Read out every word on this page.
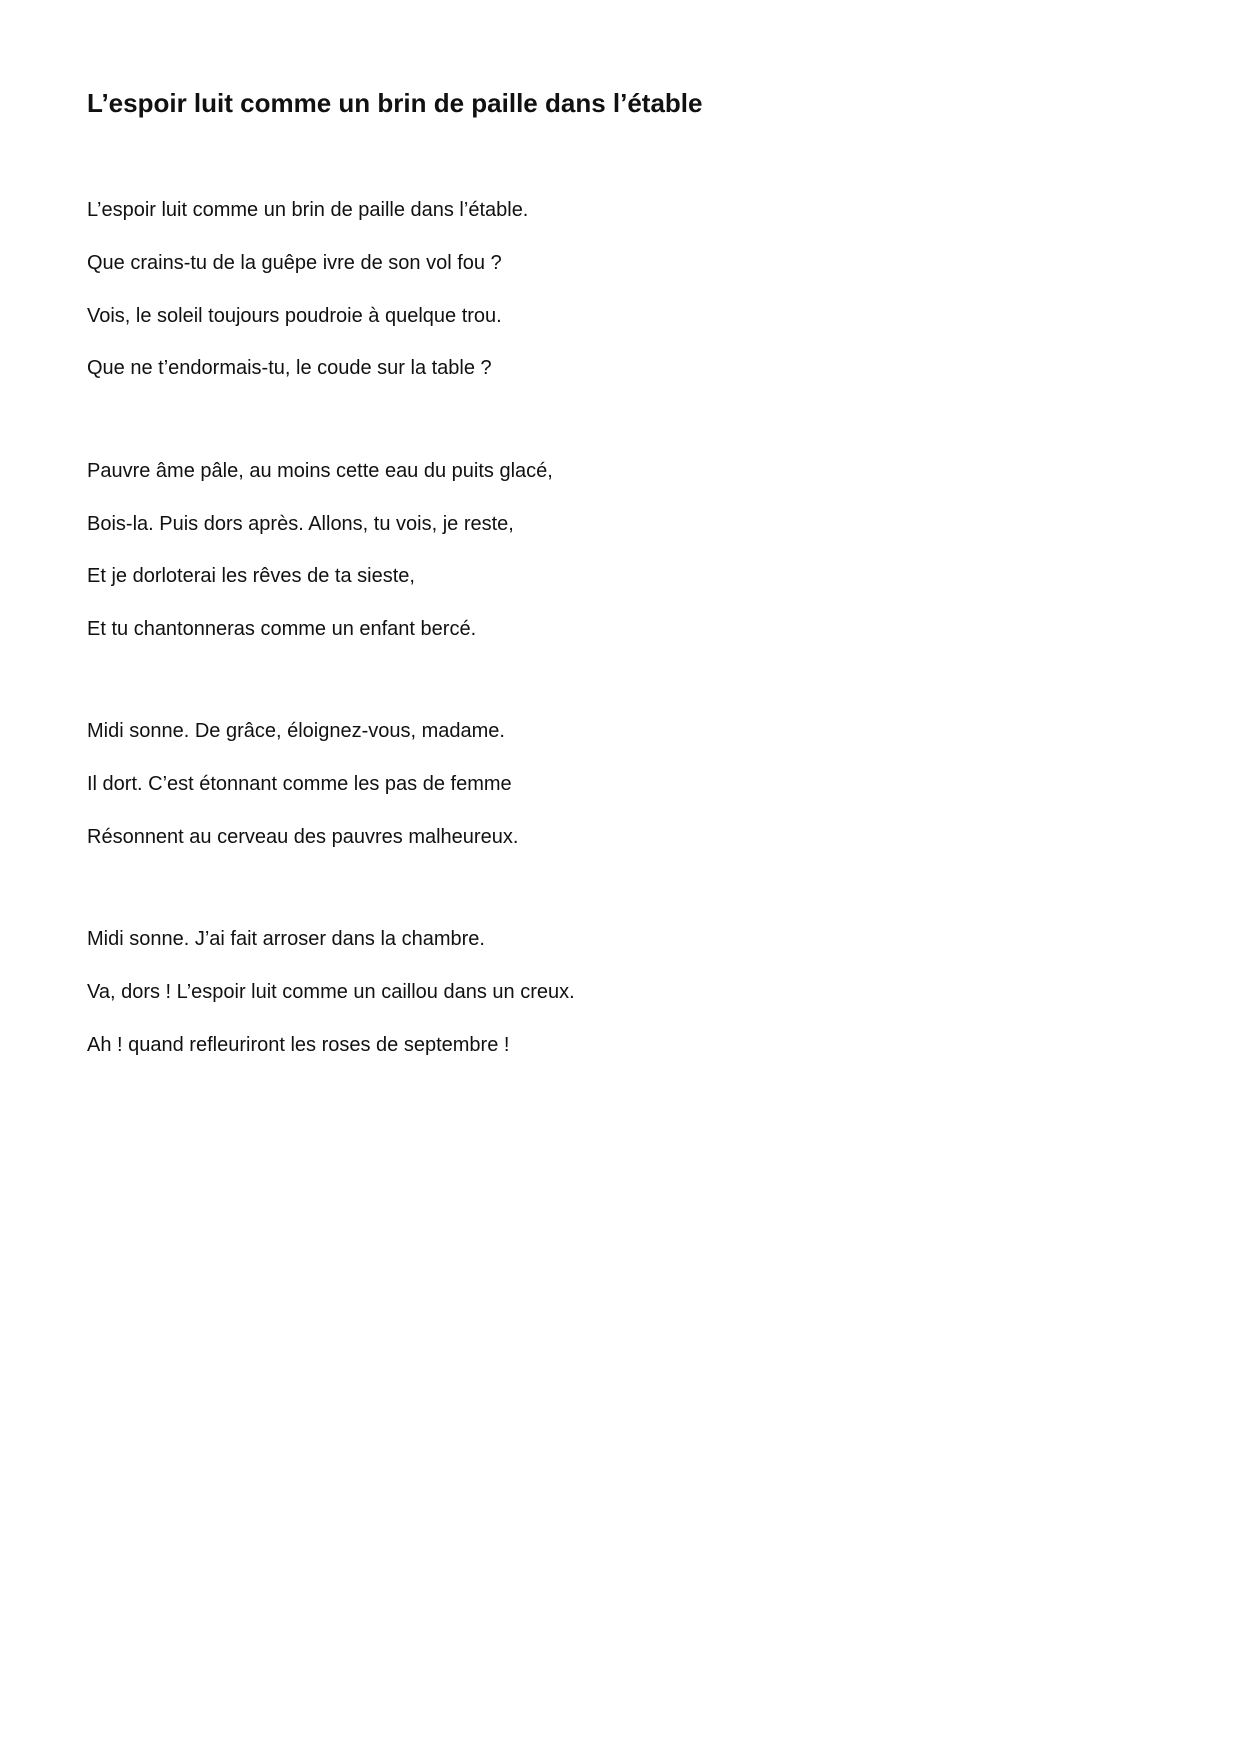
L’espoir luit comme un brin de paille dans l’étable

L’espoir luit comme un brin de paille dans l’étable.

Que crains-tu de la guêpe ivre de son vol fou ?

Vois, le soleil toujours poudroie à quelque trou.

Que ne t’endormais-tu, le coude sur la table ?

Pauvre âme pâle, au moins cette eau du puits glacé,

Bois-la. Puis dors après. Allons, tu vois, je reste,

Et je dorloterai les rêves de ta sieste,

Et tu chantonneras comme un enfant bercé.

Midi sonne. De grâce, éloignez-vous, madame.

Il dort. C’est étonnant comme les pas de femme

Résonnent au cerveau des pauvres malheureux.

Midi sonne. J’ai fait arroser dans la chambre.

Va, dors ! L’espoir luit comme un caillou dans un creux.

Ah ! quand refleuriront les roses de septembre !
